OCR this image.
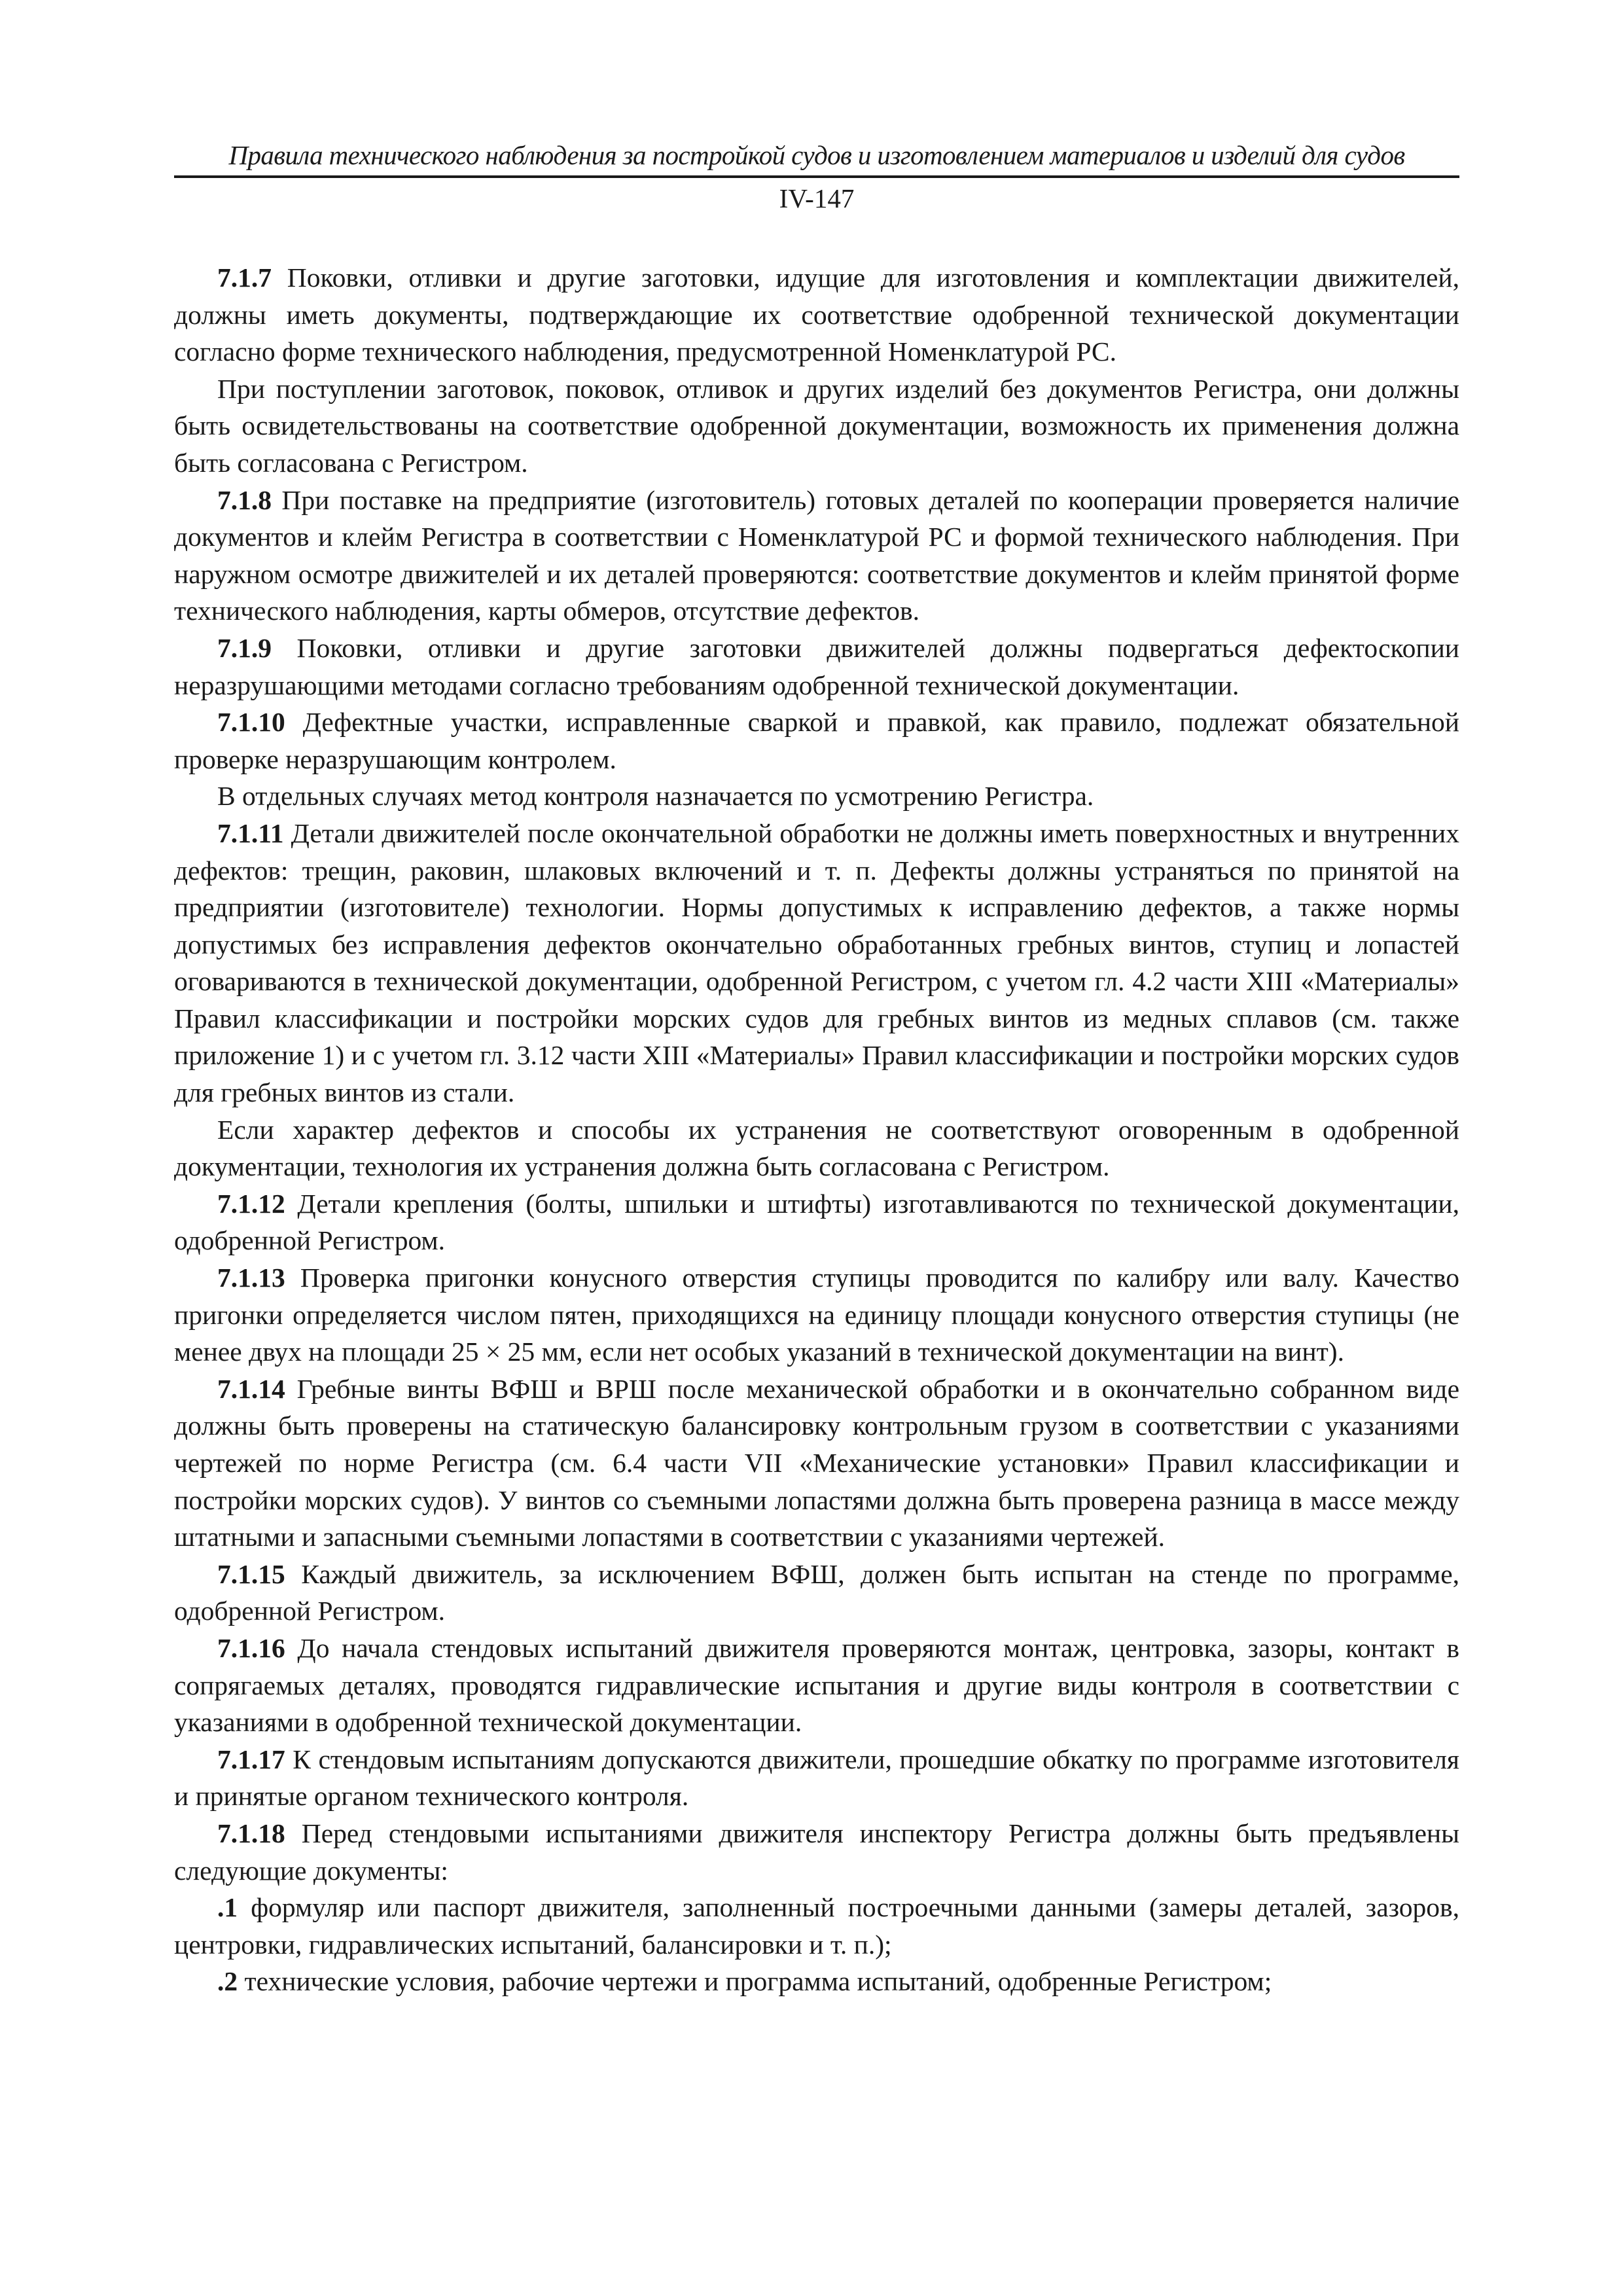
Правила технического наблюдения за постройкой судов и изготовлением материалов и изделий для судов
IV-147

7.1.7 Поковки, отливки и другие заготовки, идущие для изготовления и комплектации движителей, должны иметь документы, подтверждающие их соответствие одобренной технической документации согласно форме технического наблюдения, предусмотренной Номенклатурой РС.

При поступлении заготовок, поковок, отливок и других изделий без документов Регистра, они должны быть освидетельствованы на соответствие одобренной документации, возможность их применения должна быть согласована с Регистром.

7.1.8 При поставке на предприятие (изготовитель) готовых деталей по кооперации проверяется наличие документов и клейм Регистра в соответствии с Номенклатурой РС и формой технического наблюдения. При наружном осмотре движителей и их деталей проверяются: соответствие документов и клейм принятой форме технического наблюдения, карты обмеров, отсутствие дефектов.

7.1.9 Поковки, отливки и другие заготовки движителей должны подвергаться дефектоскопии неразрушающими методами согласно требованиям одобренной технической документации.

7.1.10 Дефектные участки, исправленные сваркой и правкой, как правило, подлежат обязательной проверке неразрушающим контролем.

В отдельных случаях метод контроля назначается по усмотрению Регистра.

7.1.11 Детали движителей после окончательной обработки не должны иметь поверхностных и внутренних дефектов: трещин, раковин, шлаковых включений и т. п. Дефекты должны устраняться по принятой на предприятии (изготовителе) технологии. Нормы допустимых к исправлению дефектов, а также нормы допустимых без исправления дефектов окончательно обработанных гребных винтов, ступиц и лопастей оговариваются в технической документации, одобренной Регистром, с учетом гл. 4.2 части XIII «Материалы» Правил классификации и постройки морских судов для гребных винтов из медных сплавов (см. также приложение 1) и с учетом гл. 3.12 части XIII «Материалы» Правил классификации и постройки морских судов для гребных винтов из стали.

Если характер дефектов и способы их устранения не соответствуют оговоренным в одобренной документации, технология их устранения должна быть согласована с Регистром.

7.1.12 Детали крепления (болты, шпильки и штифты) изготавливаются по технической документации, одобренной Регистром.

7.1.13 Проверка пригонки конусного отверстия ступицы проводится по калибру или валу. Качество пригонки определяется числом пятен, приходящихся на единицу площади конусного отверстия ступицы (не менее двух на площади 25 × 25 мм, если нет особых указаний в технической документации на винт).

7.1.14 Гребные винты ВФШ и ВРШ после механической обработки и в окончательно собранном виде должны быть проверены на статическую балансировку контрольным грузом в соответствии с указаниями чертежей по норме Регистра (см. 6.4 части VII «Механические установки» Правил классификации и постройки морских судов). У винтов со съемными лопастями должна быть проверена разница в массе между штатными и запасными съемными лопастями в соответствии с указаниями чертежей.

7.1.15 Каждый движитель, за исключением ВФШ, должен быть испытан на стенде по программе, одобренной Регистром.

7.1.16 До начала стендовых испытаний движителя проверяются монтаж, центровка, зазоры, контакт в сопрягаемых деталях, проводятся гидравлические испытания и другие виды контроля в соответствии с указаниями в одобренной технической документации.

7.1.17 К стендовым испытаниям допускаются движители, прошедшие обкатку по программе изготовителя и принятые органом технического контроля.

7.1.18 Перед стендовыми испытаниями движителя инспектору Регистра должны быть предъявлены следующие документы:

.1 формуляр или паспорт движителя, заполненный построечными данными (замеры деталей, зазоров, центровки, гидравлических испытаний, балансировки и т. п.);

.2 технические условия, рабочие чертежи и программа испытаний, одобренные Регистром;
